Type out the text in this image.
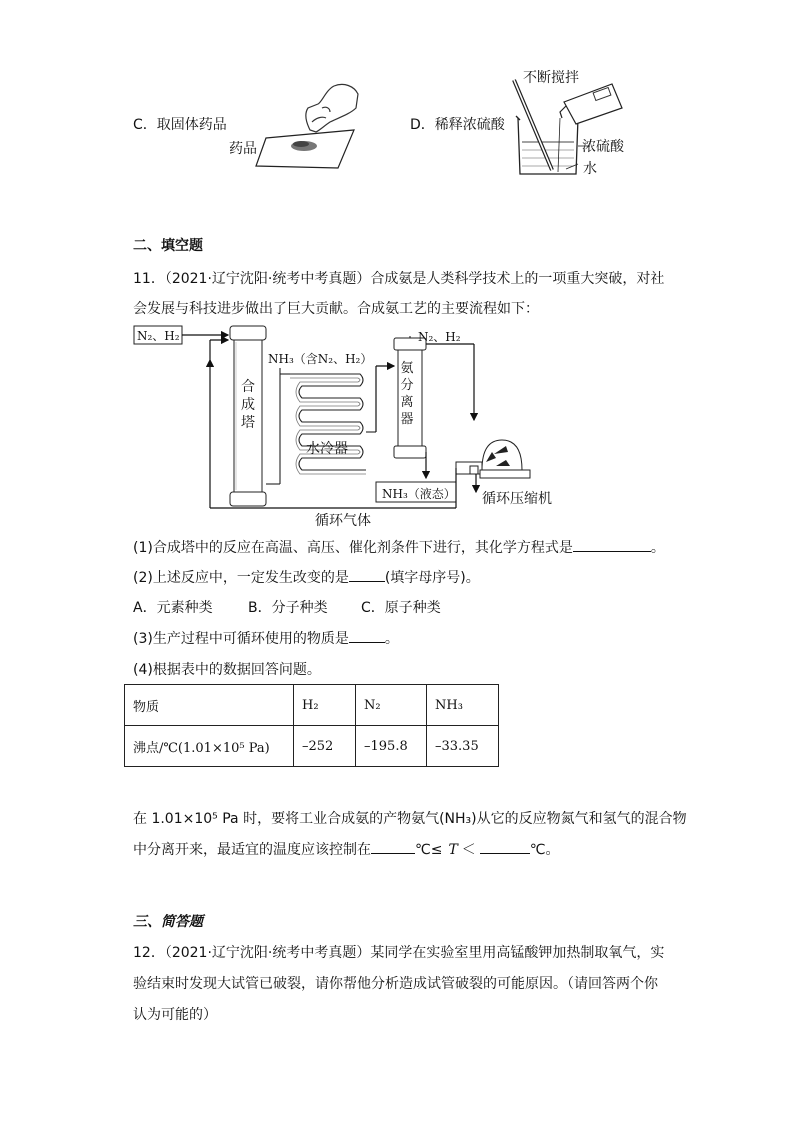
C．取固体药品
药品
D．稀释浓硫酸
不断搅拌
浓硫酸
水
二、填空题
11．（2021·辽宁沈阳·统考中考真题）合成氨是人类科学技术上的一项重大突破，对社
会发展与科技进步做出了巨大贡献。合成氨工艺的主要流程如下：
N₂、H₂
合成塔
NH₃（含N₂、H₂）
水冷器
氨分离器
N₂、H₂
NH₃（液态） 循环压缩机
循环气体
(1)合成塔中的反应在高温、高压、催化剂条件下进行，其化学方程式是	。
(2)上述反应中，一定发生改变的是	(填字母序号)。
A．元素种类	B．分子种类 C．原子种类
(3)生产过程中可循环使用的物质是	。
(4)根据表中的数据回答问题。
物质	H₂	N₂	NH₃
沸点/℃(1.01×10⁵ Pa)	–252	–195.8	–33.35
在 1.01×10⁵ Pa 时，要将工业合成氨的产物氨气(NH₃)从它的反应物氮气和氢气的混合物
中分离开来，最适宜的温度应该控制在	℃≤ T ＜	℃。
三、简答题
12．（2021·辽宁沈阳·统考中考真题）某同学在实验室里用高锰酸钾加热制取氧气，实
验结束时发现大试管已破裂，请你帮他分析造成试管破裂的可能原因。（请回答两个你
认为可能的）
